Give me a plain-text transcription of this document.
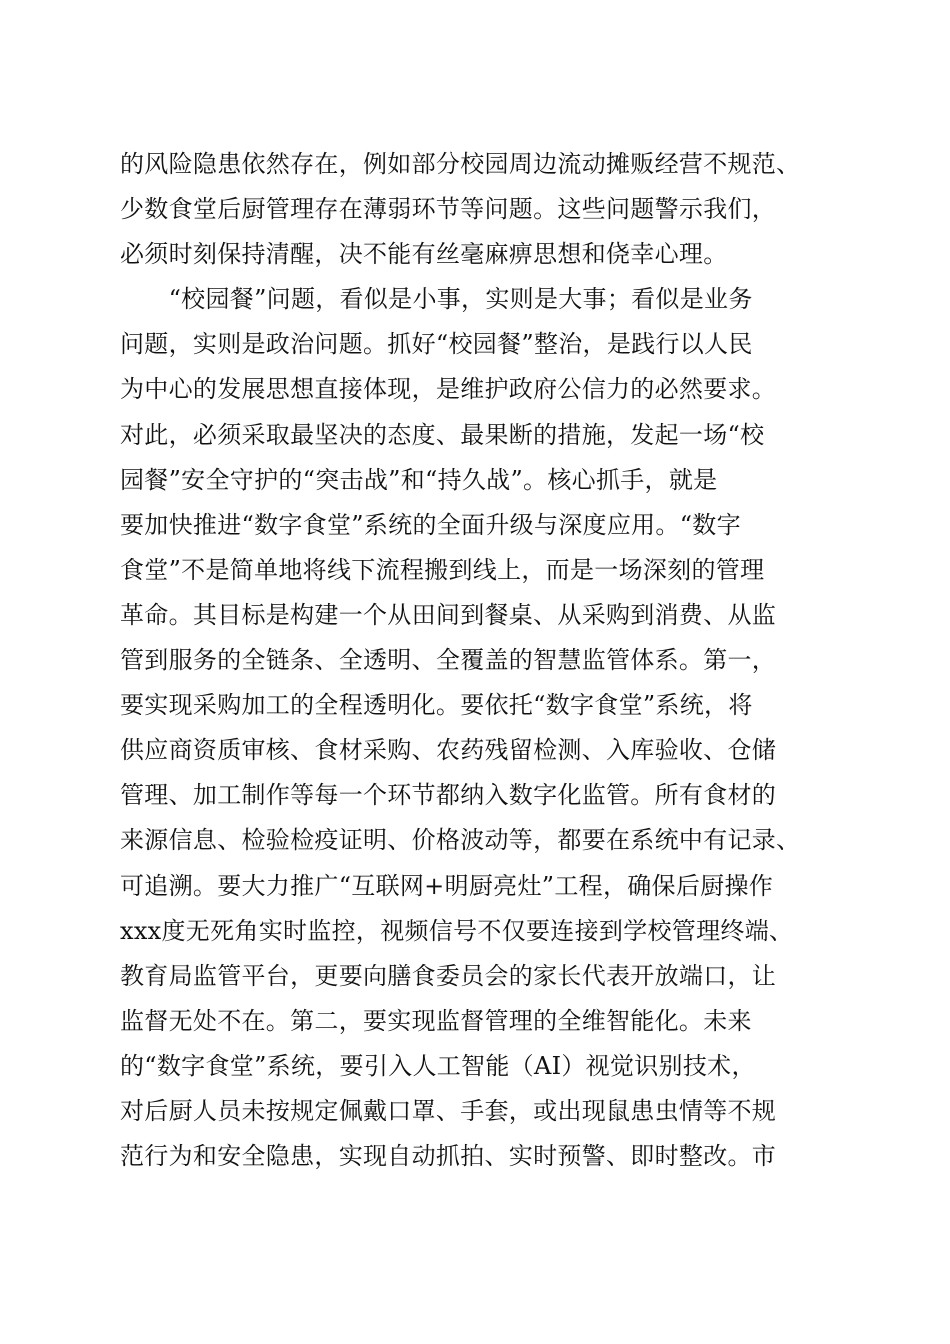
的风险隐患依然存在，例如部分校园周边流动摊贩经营不规范、
少数食堂后厨管理存在薄弱环节等问题。这些问题警示我们，
必须时刻保持清醒，决不能有丝毫麻痹思想和侥幸心理。
　　“校园餐”问题，看似是小事，实则是大事；看似是业务
问题，实则是政治问题。抓好“校园餐”整治，是践行以人民
为中心的发展思想直接体现，是维护政府公信力的必然要求。
对此，必须采取最坚决的态度、最果断的措施，发起一场“校
园餐”安全守护的“突击战”和“持久战”。核心抓手，就是
要加快推进“数字食堂”系统的全面升级与深度应用。“数字
食堂”不是简单地将线下流程搬到线上，而是一场深刻的管理
革命。其目标是构建一个从田间到餐桌、从采购到消费、从监
管到服务的全链条、全透明、全覆盖的智慧监管体系。第一，
要实现采购加工的全程透明化。要依托“数字食堂”系统，将
供应商资质审核、食材采购、农药残留检测、入库验收、仓储
管理、加工制作等每一个环节都纳入数字化监管。所有食材的
来源信息、检验检疫证明、价格波动等，都要在系统中有记录、
可追溯。要大力推广“互联网+明厨亮灶”工程，确保后厨操作
xxx度无死角实时监控，视频信号不仅要连接到学校管理终端、
教育局监管平台，更要向膳食委员会的家长代表开放端口，让
监督无处不在。第二，要实现监督管理的全维智能化。未来
的“数字食堂”系统，要引入人工智能（AI）视觉识别技术，
对后厨人员未按规定佩戴口罩、手套，或出现鼠患虫情等不规
范行为和安全隐患，实现自动抓拍、实时预警、即时整改。市
